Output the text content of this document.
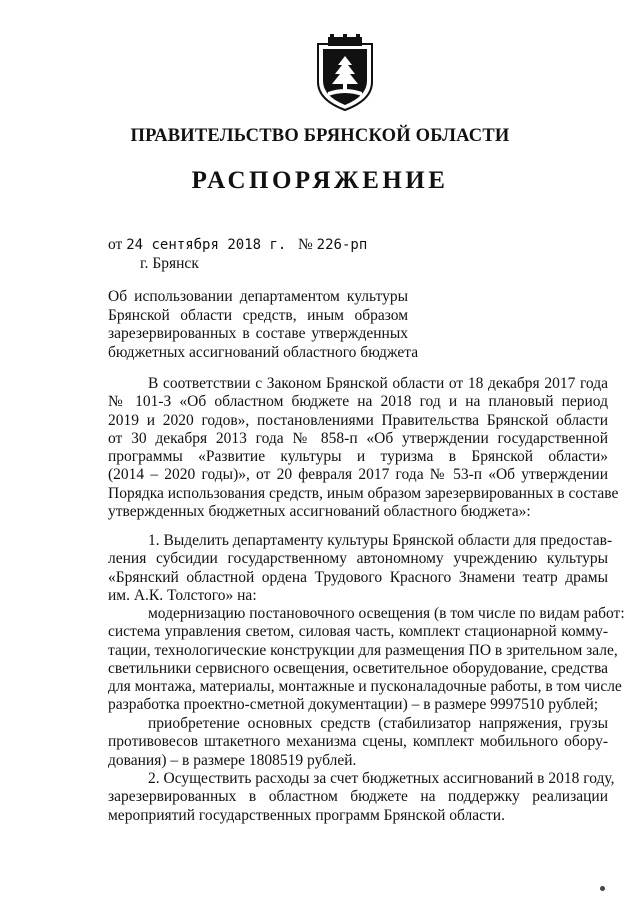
ПРАВИТЕЛЬСТВО БРЯНСКОЙ ОБЛАСТИ
РАСПОРЯЖЕНИЕ
от 24 сентября 2018 г. № 226-рп
г. Брянск
Об использовании департаментом культуры
Брянской области средств, иным образом
зарезервированных в составе утвержденных
бюджетных ассигнований областного бюджета
В соответствии с Законом Брянской области от 18 декабря 2017 года
№ 101-З «Об областном бюджете на 2018 год и на плановый период
2019 и 2020 годов», постановлениями Правительства Брянской области
от 30 декабря 2013 года № 858-п «Об утверждении государственной
программы «Развитие культуры и туризма в Брянской области»
(2014 – 2020 годы)», от 20 февраля 2017 года № 53-п «Об утверждении
Порядка использования средств, иным образом зарезервированных в составе
утвержденных бюджетных ассигнований областного бюджета»:
1. Выделить департаменту культуры Брянской области для предостав-
ления субсидии государственному автономному учреждению культуры
«Брянский областной ордена Трудового Красного Знамени театр драмы
им. А.К. Толстого» на:
модернизацию постановочного освещения (в том числе по видам работ:
система управления светом, силовая часть, комплект стационарной комму-
тации, технологические конструкции для размещения ПО в зрительном зале,
светильники сервисного освещения, осветительное оборудование, средства
для монтажа, материалы, монтажные и пусконаладочные работы, в том числе
разработка проектно-сметной документации) – в размере 9997510 рублей;
приобретение основных средств (стабилизатор напряжения, грузы
противовесов штакетного механизма сцены, комплект мобильного обору-
дования) – в размере 1808519 рублей.
2. Осуществить расходы за счет бюджетных ассигнований в 2018 году,
зарезервированных в областном бюджете на поддержку реализации
мероприятий государственных программ Брянской области.
